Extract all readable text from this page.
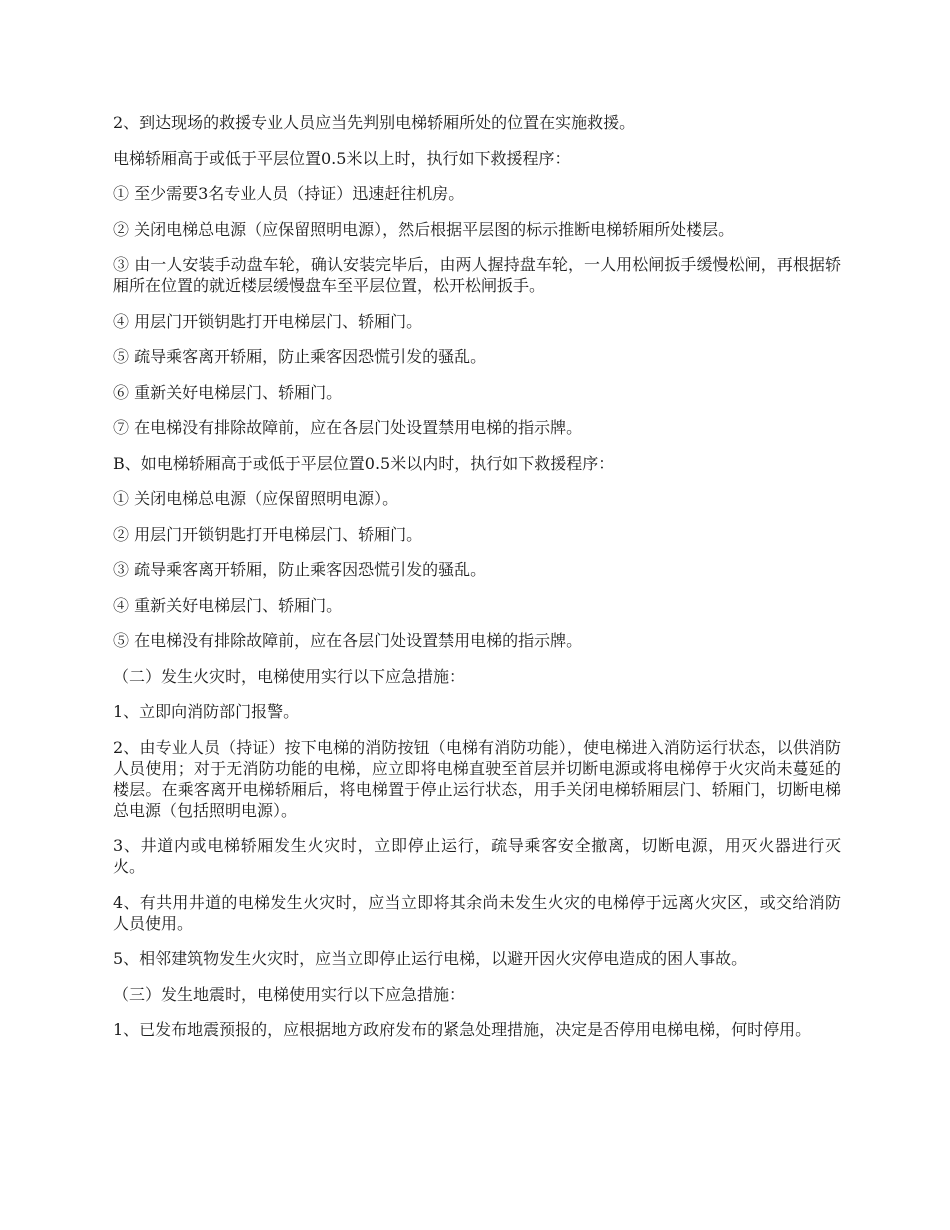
2、到达现场的救援专业人员应当先判别电梯轿厢所处的位置在实施救援。

电梯轿厢高于或低于平层位置0.5米以上时，执行如下救援程序：

① 至少需要3名专业人员（持证）迅速赶往机房。

② 关闭电梯总电源（应保留照明电源），然后根据平层图的标示推断电梯轿厢所处楼层。

③ 由一人安装手动盘车轮，确认安装完毕后，由两人握持盘车轮，一人用松闸扳手缓慢松闸，再根据轿厢所在位置的就近楼层缓慢盘车至平层位置，松开松闸扳手。

④ 用层门开锁钥匙打开电梯层门、轿厢门。

⑤ 疏导乘客离开轿厢，防止乘客因恐慌引发的骚乱。

⑥ 重新关好电梯层门、轿厢门。

⑦ 在电梯没有排除故障前，应在各层门处设置禁用电梯的指示牌。

B、如电梯轿厢高于或低于平层位置0.5米以内时，执行如下救援程序：

① 关闭电梯总电源（应保留照明电源）。

② 用层门开锁钥匙打开电梯层门、轿厢门。

③ 疏导乘客离开轿厢，防止乘客因恐慌引发的骚乱。

④ 重新关好电梯层门、轿厢门。

⑤ 在电梯没有排除故障前，应在各层门处设置禁用电梯的指示牌。

（二）发生火灾时，电梯使用实行以下应急措施：

1、立即向消防部门报警。

2、由专业人员（持证）按下电梯的消防按钮（电梯有消防功能），使电梯进入消防运行状态，以供消防人员使用；对于无消防功能的电梯，应立即将电梯直驶至首层并切断电源或将电梯停于火灾尚未蔓延的楼层。在乘客离开电梯轿厢后，将电梯置于停止运行状态，用手关闭电梯轿厢层门、轿厢门，切断电梯总电源（包括照明电源）。

3、井道内或电梯轿厢发生火灾时，立即停止运行，疏导乘客安全撤离，切断电源，用灭火器进行灭火。

4、有共用井道的电梯发生火灾时，应当立即将其余尚未发生火灾的电梯停于远离火灾区，或交给消防人员使用。

5、相邻建筑物发生火灾时，应当立即停止运行电梯，以避开因火灾停电造成的困人事故。

（三）发生地震时，电梯使用实行以下应急措施：

1、已发布地震预报的，应根据地方政府发布的紧急处理措施，决定是否停用电梯电梯，何时停用。
